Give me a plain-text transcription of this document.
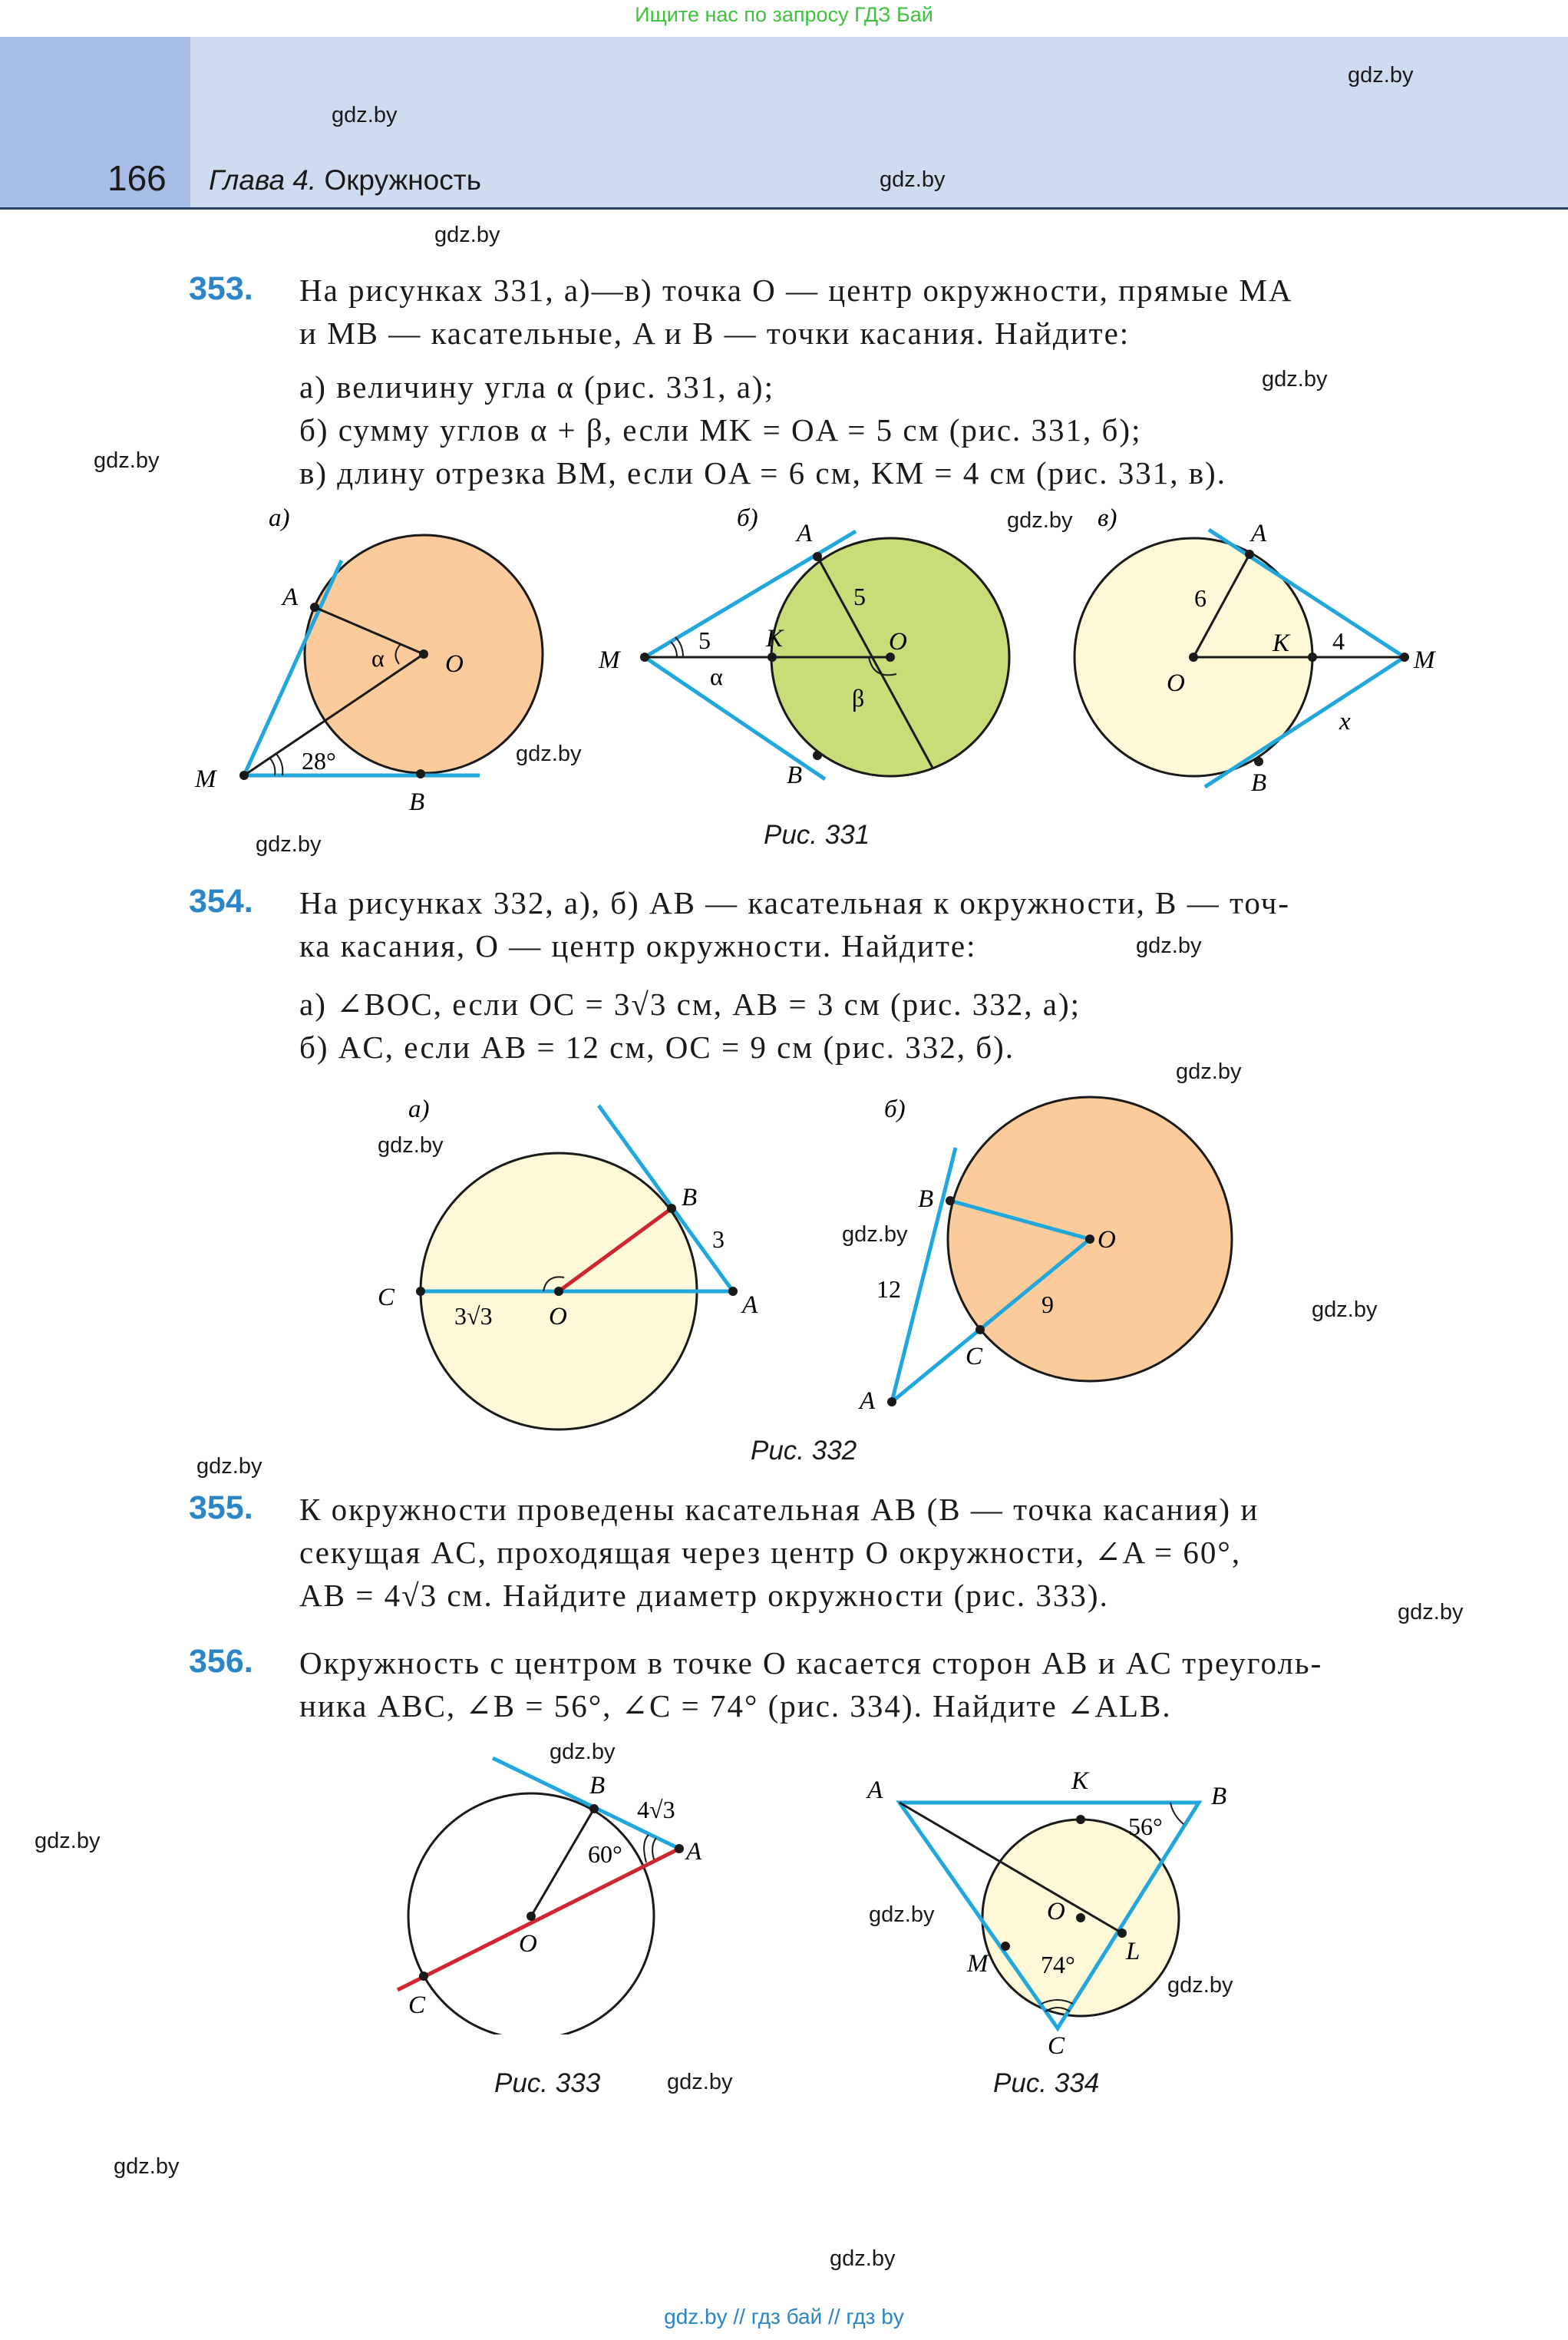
Ищите нас по запросу ГДЗ Бай
166 Глава 4. Окружность
gdz.by
gdz.by
gdz.by
gdz.by
gdz.by
gdz.by
gdz.by
gdz.by
gdz.by
gdz.by
gdz.by
gdz.by
gdz.by
gdz.by
gdz.by
gdz.by
gdz.by
gdz.by
gdz.by
gdz.by
gdz.by
gdz.by
gdz.by
353. На рисунках 331, а)—в) точка O — центр окружности, прямые MA
и MB — касательные, A и B — точки касания. Найдите:
а) величину угла α (рис. 331, а);
б) сумму углов α + β, если MK = OA = 5 см (рис. 331, б);
в) длину отрезка BM, если OA = 6 см, KM = 4 см (рис. 331, в).
а)
A
O
M
B
α
28°
б)
A
M
K	O
B
5
5
α
β
в)
A
O
K
M
B
6
4
x
Рис. 331
354. На рисунках 332, а), б) AB — касательная к окружности, B — точ-
ка касания, O — центр окружности. Найдите:
а) ∠BOC, если OC = 3√3 см, AB = 3 см (рис. 332, а);
б) AC, если AB = 12 см, OC = 9 см (рис. 332, б).
а)
B
C
O	A
3
3√3
б)
B
O
C
A
12
9
Рис. 332
355. К окружности проведены касательная AB (B — точка касания) и
секущая AC, проходящая через центр O окружности, ∠A = 60°,
AB = 4√3 см. Найдите диаметр окружности (рис. 333).
356. Окружность с центром в точке O касается сторон AB и AC треуголь-
ника ABC, ∠B = 56°, ∠C = 74° (рис. 334). Найдите ∠ALB.
B
A
O
C
4√3
60°
Рис. 333
A	K
B
O
L
M
C
56°
74°
Рис. 334
gdz.by // гдз бай // гдз by
